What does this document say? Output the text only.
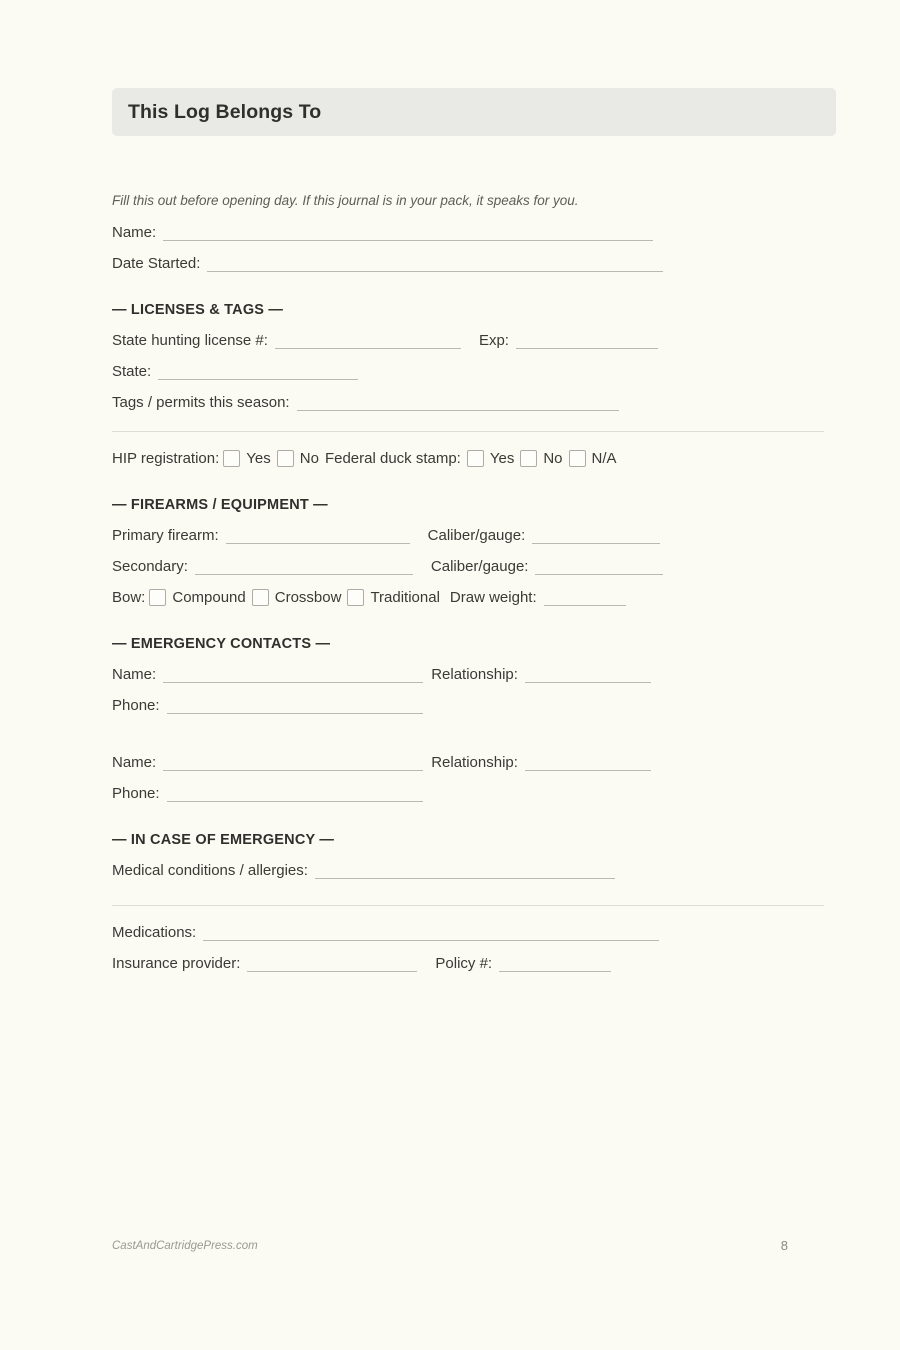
This Log Belongs To
Fill this out before opening day. If this journal is in your pack, it speaks for you.
Name:
Date Started:
— LICENSES & TAGS —
State hunting license #:	Exp:
State:
Tags / permits this season:
HIP registration: Yes No Federal duck stamp: Yes No N/A
— FIREARMS / EQUIPMENT —
Primary firearm:	Caliber/gauge:
Secondary:	Caliber/gauge:
Bow: Compound Crossbow Traditional Draw weight:
— EMERGENCY CONTACTS —
Name:	Relationship:
Phone:
Name:	Relationship:
Phone:
— IN CASE OF EMERGENCY —
Medical conditions / allergies:
Medications:
Insurance provider:	Policy #:
CastAndCartridgePress.com	8
